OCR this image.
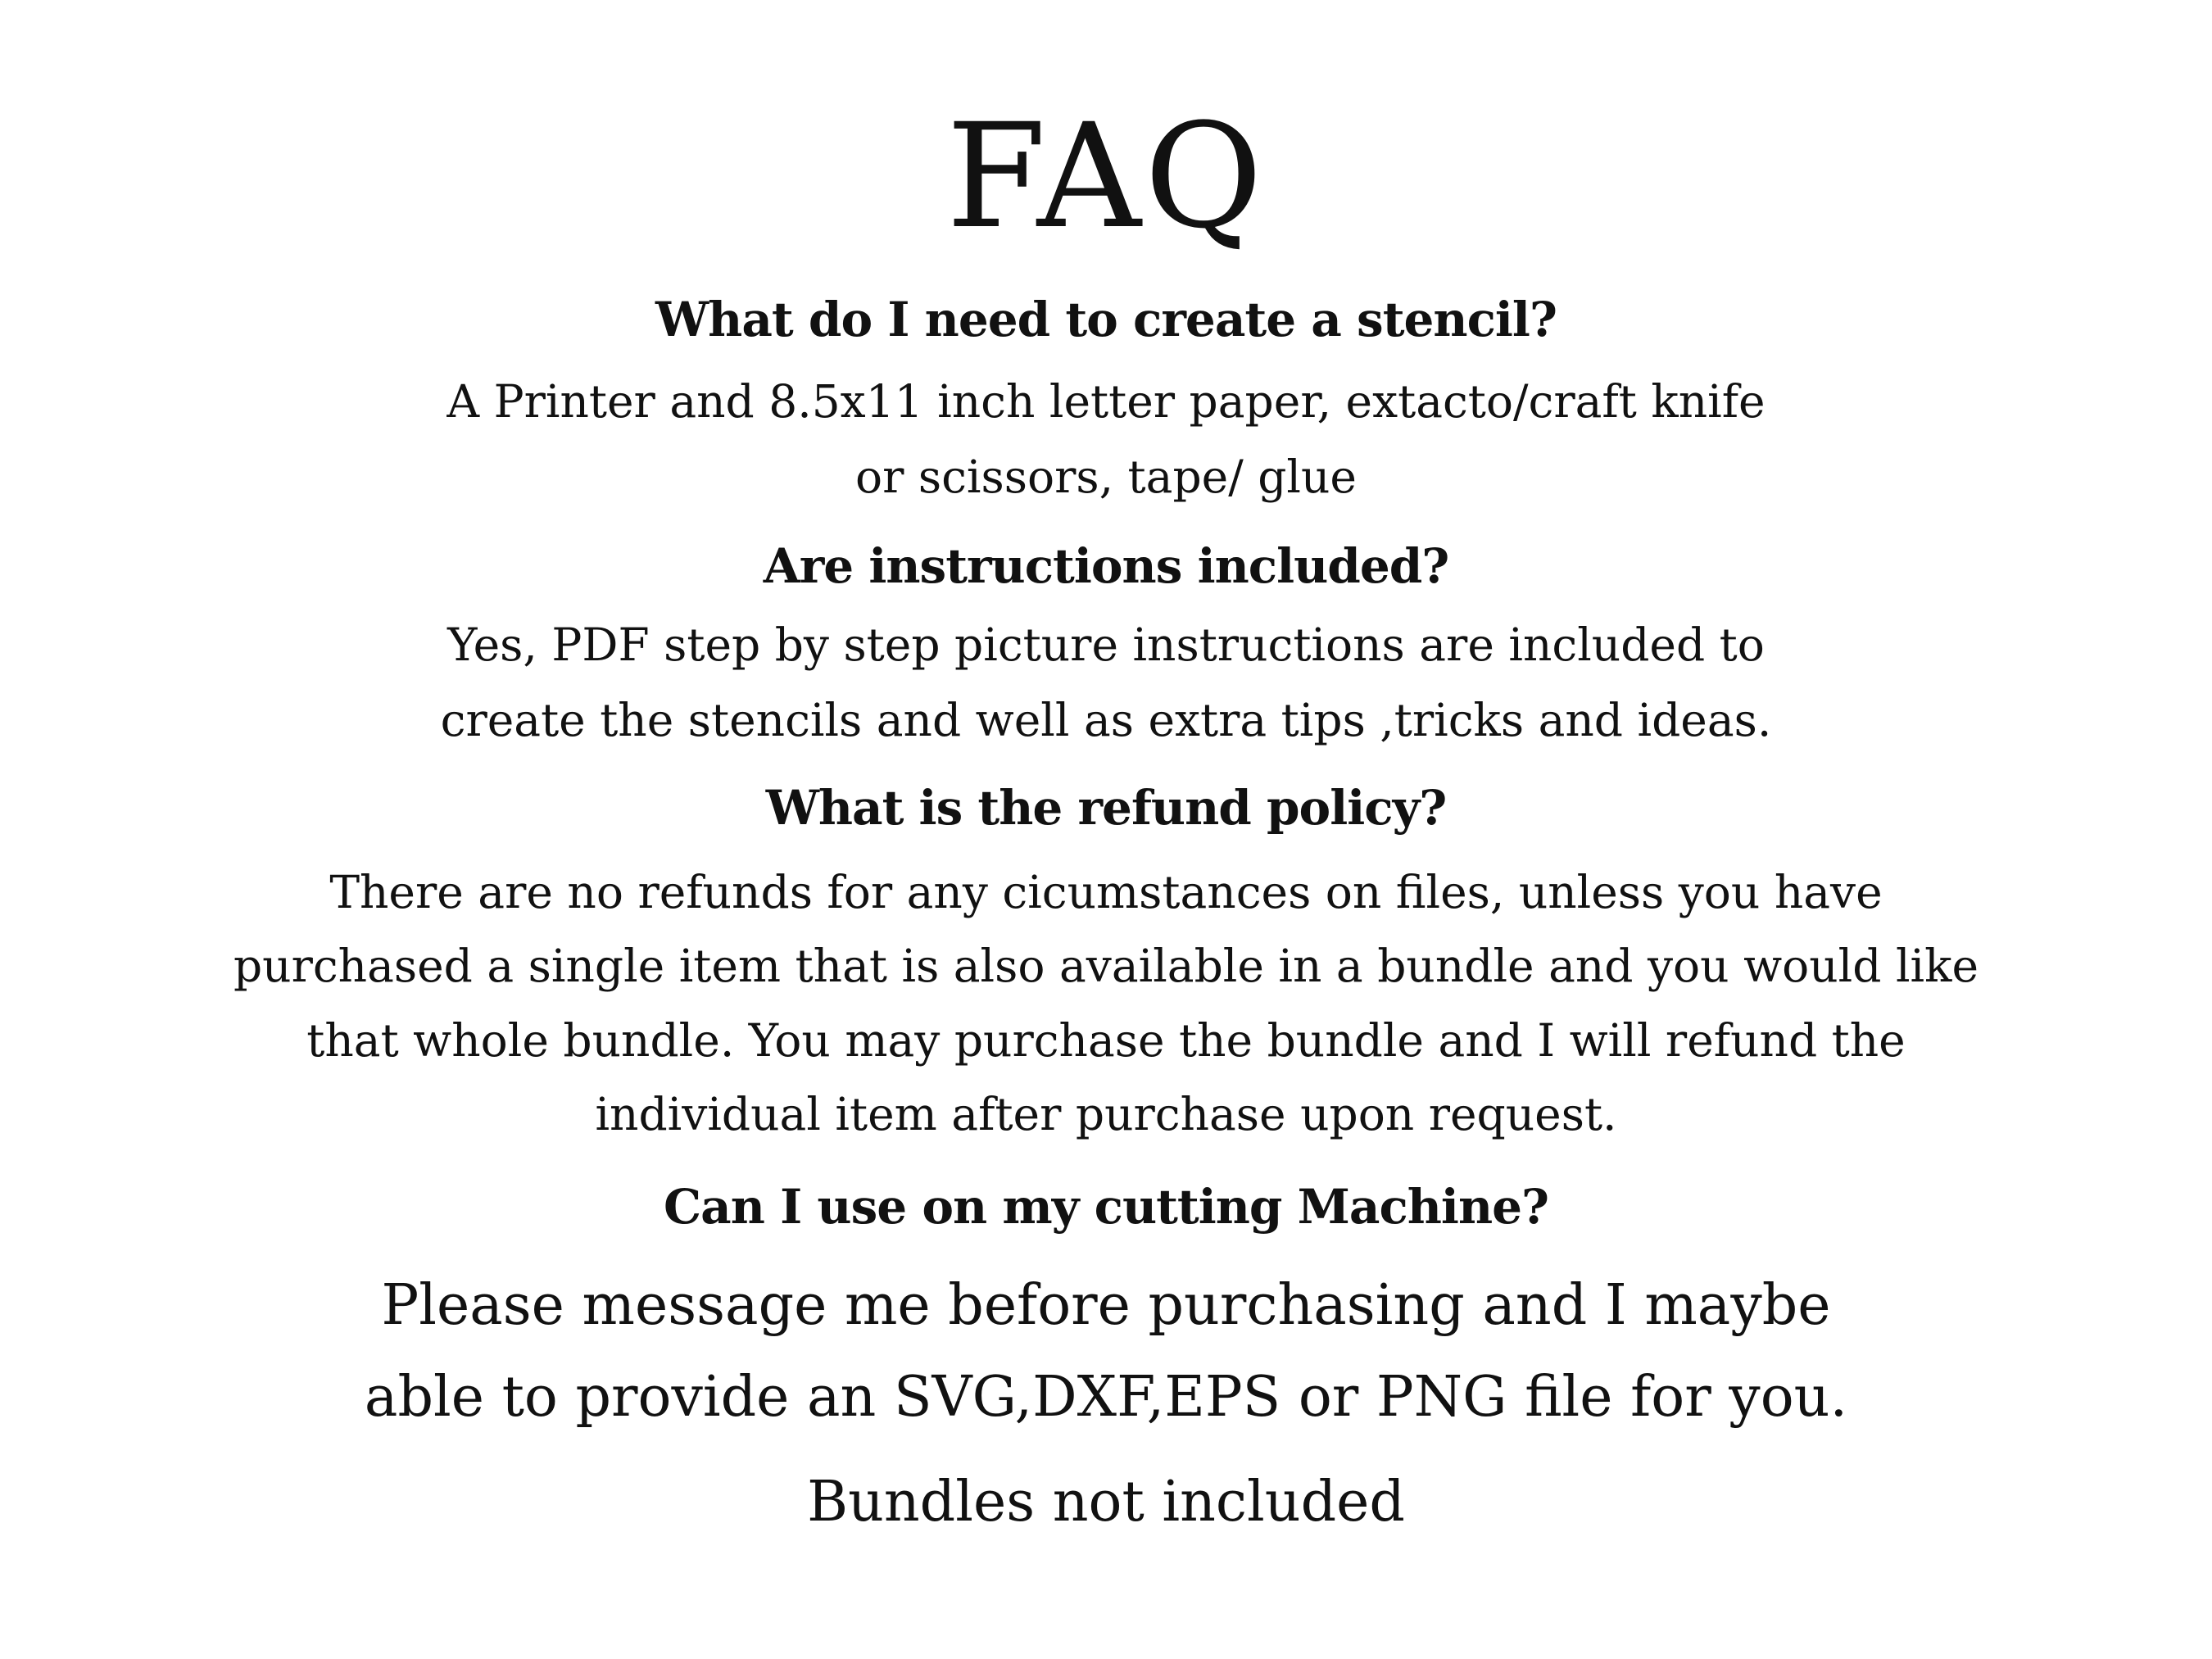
FAQ
What do I need to create a stencil?
A Printer and 8.5x11 inch letter paper, extacto/craft knife
or scissors, tape/ glue
Are instructions included?
Yes, PDF step by step picture instructions are included to
create the stencils and well as extra tips ,tricks and ideas.
What is the refund policy?
There are no refunds for any cicumstances on files, unless you have
purchased a single item that is also available in a bundle and you would like
that whole bundle. You may purchase the bundle and I will refund the
individual item after purchase upon request.
Can I use on my cutting Machine?
Please message me before purchasing and I maybe
able to provide an SVG,DXF,EPS or PNG file for you.
Bundles not included
